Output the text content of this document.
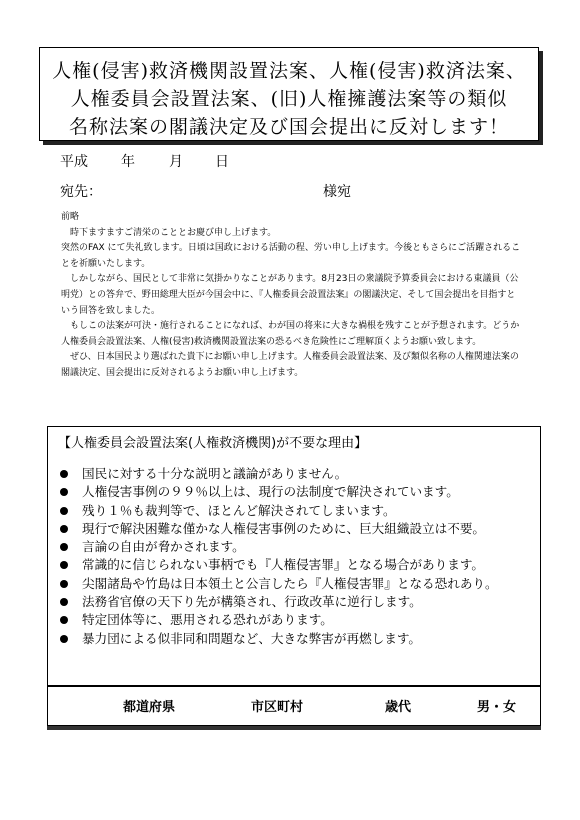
人権(侵害)救済機関設置法案、人権(侵害)救済法案、
人権委員会設置法案、(旧)人権擁護法案等の類似
名称法案の閣議決定及び国会提出に反対します！
平成 年 月 日
宛先：	様宛

前略

時下ますますご清栄のこととお慶び申し上げます。

突然のFAX にて失礼致します。日頃は国政における活動の程、労い申し上げます。今後ともさらにご活躍されることを祈願いたします。

しかしながら、国民として非常に気掛かりなことがあります。8月23日の衆議院予算委員会における東議員（公明党）との答弁で、野田総理大臣が今国会中に、『人権委員会設置法案』の閣議決定、そして国会提出を目指すという回答を致しました。

もしこの法案が可決・施行されることになれば、わが国の将来に大きな禍根を残すことが予想されます。どうか人権委員会設置法案、人権(侵害)救済機関設置法案の恐るべき危険性にご理解頂くようお願い致します。

ぜひ、日本国民より選ばれた貴下にお願い申し上げます。人権委員会設置法案、及び類似名称の人権関連法案の閣議決定、国会提出に反対されるようお願い申し上げます。

【人権委員会設置法案(人権救済機関)が不要な理由】
国民に対する十分な説明と議論がありません。
人権侵害事例の９９％以上は、現行の法制度で解決されています。
残り１％も裁判等で、ほとんど解決されてしまいます。
現行で解決困難な僅かな人権侵害事例のために、巨大組織設立は不要。
言論の自由が脅かされます。
常識的に信じられない事柄でも『人権侵害罪』となる場合があります。
尖閣諸島や竹島は日本領土と公言したら『人権侵害罪』となる恐れあり。
法務省官僚の天下り先が構築され、行政改革に逆行します。
特定団体等に、悪用される恐れがあります。
暴力団による似非同和問題など、大きな弊害が再燃します。
都道府県	市区町村	歳代	男・女
